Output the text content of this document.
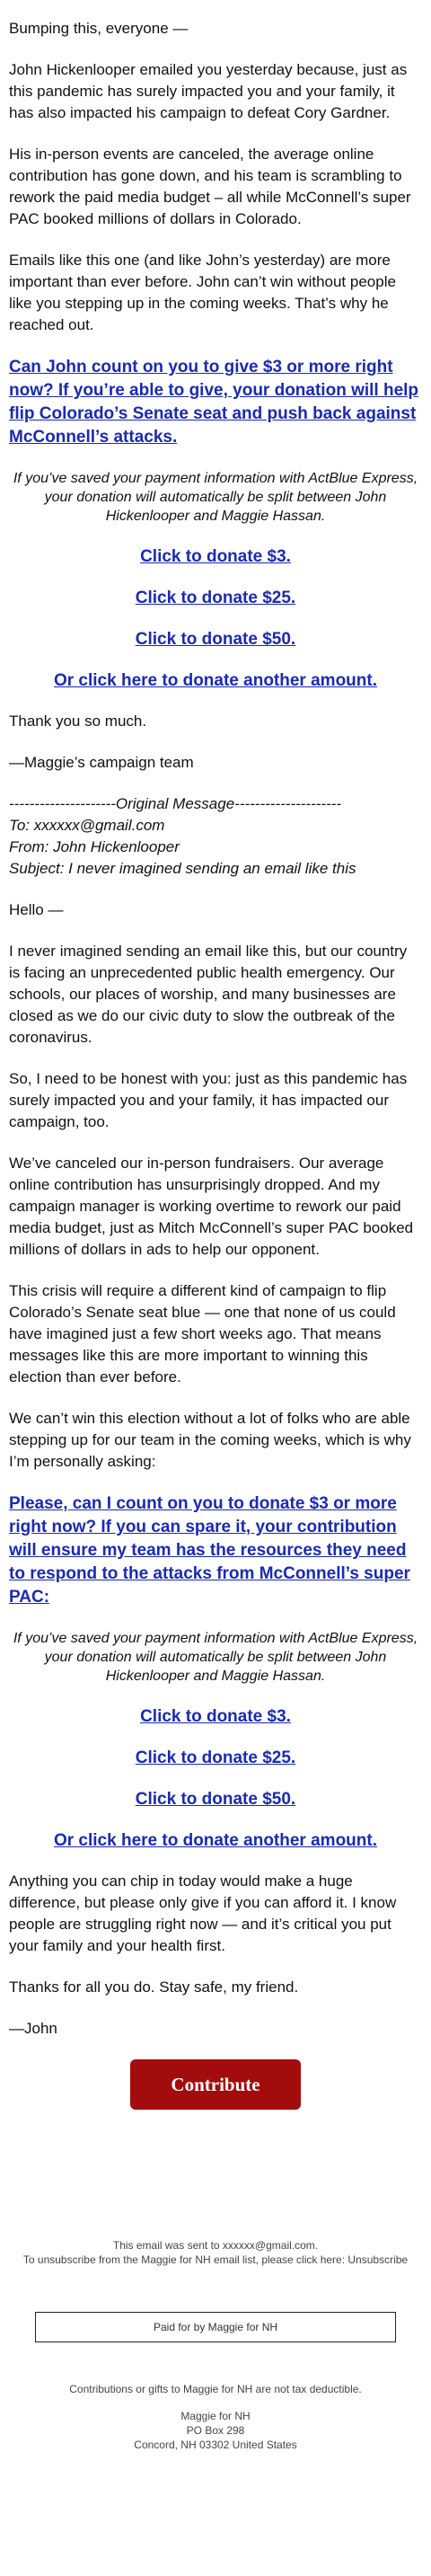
Bumping this, everyone —

John Hickenlooper emailed you yesterday because, just as this pandemic has surely impacted you and your family, it has also impacted his campaign to defeat Cory Gardner.

His in-person events are canceled, the average online contribution has gone down, and his team is scrambling to rework the paid media budget – all while McConnell’s super PAC booked millions of dollars in Colorado.

Emails like this one (and like John’s yesterday) are more important than ever before. John can’t win without people like you stepping up in the coming weeks. That’s why he reached out.

Can John count on you to give $3 or more right now? If you’re able to give, your donation will help flip Colorado’s Senate seat and push back against McConnell’s attacks.

If you’ve saved your payment information with ActBlue Express, your donation will automatically be split between John Hickenlooper and Maggie Hassan.

Click to donate $3.

Click to donate $25.

Click to donate $50.

Or click here to donate another amount.

Thank you so much.

—Maggie’s campaign team

---------------------Original Message---------------------
To: xxxxxx@gmail.com
From: John Hickenlooper
Subject: I never imagined sending an email like this

Hello —

I never imagined sending an email like this, but our country is facing an unprecedented public health emergency. Our schools, our places of worship, and many businesses are closed as we do our civic duty to slow the outbreak of the coronavirus.

So, I need to be honest with you: just as this pandemic has surely impacted you and your family, it has impacted our campaign, too.

We’ve canceled our in-person fundraisers. Our average online contribution has unsurprisingly dropped. And my campaign manager is working overtime to rework our paid media budget, just as Mitch McConnell’s super PAC booked millions of dollars in ads to help our opponent.

This crisis will require a different kind of campaign to flip Colorado’s Senate seat blue — one that none of us could have imagined just a few short weeks ago. That means messages like this are more important to winning this election than ever before.

We can’t win this election without a lot of folks who are able stepping up for our team in the coming weeks, which is why I’m personally asking:

Please, can I count on you to donate $3 or more right now? If you can spare it, your contribution will ensure my team has the resources they need to respond to the attacks from McConnell’s super PAC:

If you’ve saved your payment information with ActBlue Express, your donation will automatically be split between John Hickenlooper and Maggie Hassan.

Click to donate $3.

Click to donate $25.

Click to donate $50.

Or click here to donate another amount.

Anything you can chip in today would make a huge difference, but please only give if you can afford it. I know people are struggling right now — and it’s critical you put your family and your health first.

Thanks for all you do. Stay safe, my friend.

—John

Contribute
This email was sent to xxxxxx@gmail.com.
To unsubscribe from the Maggie for NH email list, please click here: Unsubscribe
Paid for by Maggie for NH
Contributions or gifts to Maggie for NH are not tax deductible.
Maggie for NH
PO Box 298
Concord, NH 03302 United States
